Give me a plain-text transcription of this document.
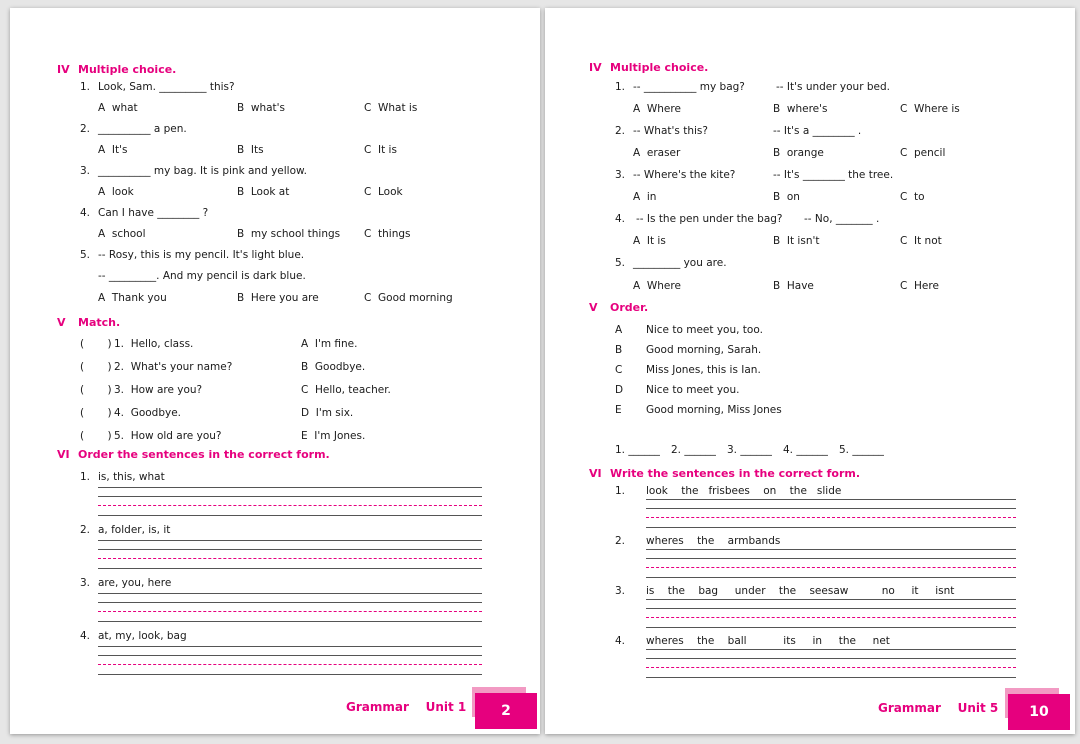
IV Multiple choice.
1. Look, Sam. _________ this?
A  what	B  what's	C  What is
2. __________ a pen.
A  It's	B  Its	C  It is
3. __________ my bag. It is pink and yellow.
A  look	B  Look at	C  Look
4. Can I have ________ ?
A  school	B  my school things C  things
5. -- Rosy, this is my pencil. It's light blue.
-- _________. And my pencil is dark blue.
A  Thank you	B  Here you are	C  Good morning
V Match.
(       ) 1.  Hello, class.	A  I'm fine.
(       ) 2.  What's your name?	B  Goodbye.
(       ) 3.  How are you?	C  Hello, teacher.
(       ) 4.  Goodbye.	D  I'm six.
(       ) 5.  How old are you?	E  I'm Jones.
VI Order the sentences in the correct form.
1. is, this, what
2. a, folder, is, it
3. are, you, here
4. at, my, look, bag
Grammar    Unit 1	2
IV Multiple choice.
1. -- __________ my bag?	-- It's under your bed.
A  Where	B  where's	C  Where is
2. -- What's this?	-- It's a ________ .
A  eraser	B  orange	C  pencil
3. -- Where's the kite?	-- It's ________ the tree.
A  in	B  on	C  to
4. -- Is the pen under the bag? -- No, _______ .
A  It is	B  It isn't	C  It not
5. _________ you are.
A  Where	B  Have	C  Here
V Order.
A Nice to meet you, too.
B Good morning, Sarah.
C Miss Jones, this is Ian.
D Nice to meet you.
E Good morning, Miss Jones
1. ______ 2. ______ 3. ______ 4. ______ 5. ______
VI Write the sentences in the correct form.
1. look    the   frisbees    on    the   slide
2. wheres    the    armbands
3. is    the    bag     under    the    seesaw          no     it     isnt
4. wheres    the    ball           its     in     the     net
Grammar    Unit 5	10
